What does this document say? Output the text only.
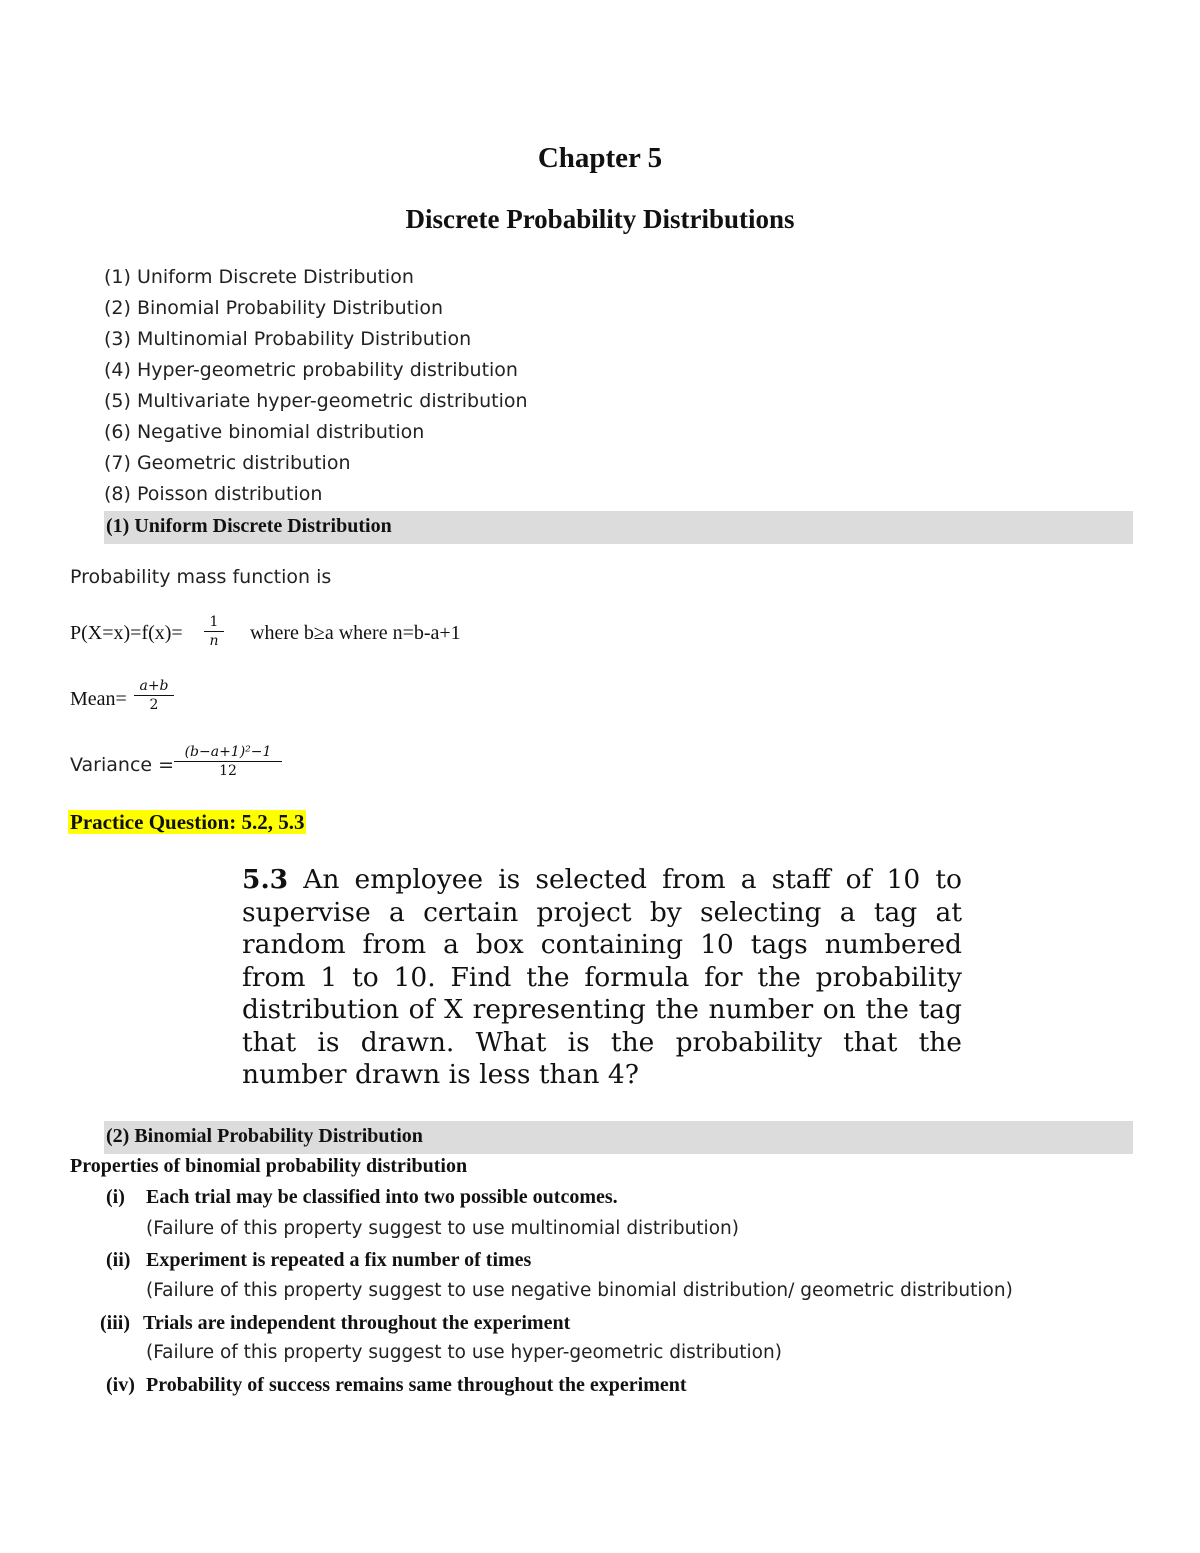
Chapter 5
Discrete Probability Distributions
(1) Uniform Discrete Distribution
(2) Binomial Probability Distribution
(3) Multinomial Probability Distribution
(4) Hyper-geometric probability distribution
(5) Multivariate hyper-geometric distribution
(6) Negative binomial distribution
(7) Geometric distribution
(8) Poisson distribution
(1) Uniform Discrete Distribution
Probability mass function is
P(X=x)=f(x)=	1
n where b≥a where n=b-a+1
Mean=
a+b
2
Variance =
(b−a+1)²−1
12
Practice Question: 5.2, 5.3
5.3 An employee is selected from a staff of 10 to supervise a certain project by selecting a tag at random from a box containing 10 tags numbered from 1 to 10. Find the formula for the probability distribution of X representing the number on the tag that is drawn. What is the probability that the number drawn is less than 4?
(2) Binomial Probability Distribution
Properties of binomial probability distribution
(i) Each trial may be classified into two possible outcomes.
(Failure of this property suggest to use multinomial distribution)
(ii) Experiment is repeated a fix number of times
(Failure of this property suggest to use negative binomial distribution/ geometric distribution)
(iii) Trials are independent throughout the experiment
(Failure of this property suggest to use hyper-geometric distribution)
(iv) Probability of success remains same throughout the experiment
